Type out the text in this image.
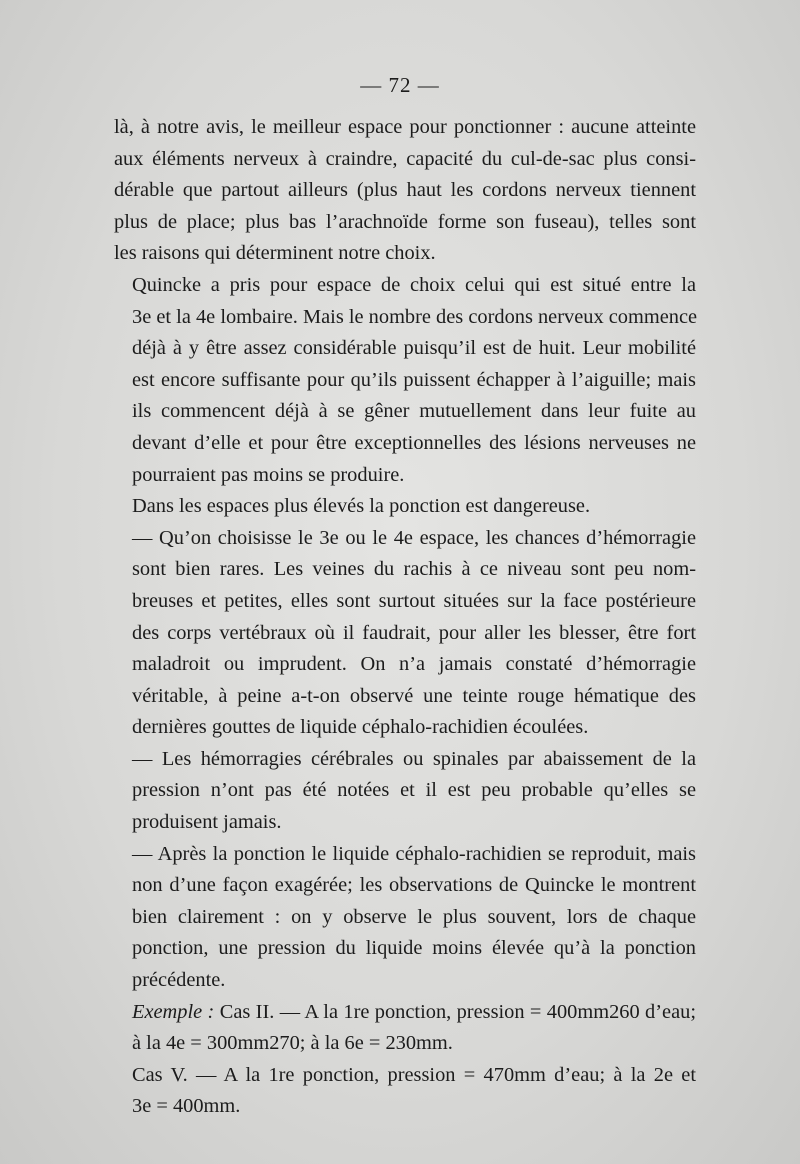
— 72 —

là, à notre avis, le meilleur espace pour ponctionner : aucune atteinte
aux éléments nerveux à craindre, capacité du cul-de-sac plus consi-
dérable que partout ailleurs (plus haut les cordons nerveux tiennent
plus de place; plus bas l’arachnoïde forme son fuseau), telles sont
les raisons qui déterminent notre choix.

Quincke a pris pour espace de choix celui qui est situé entre la
3e et la 4e lombaire. Mais le nombre des cordons nerveux commence
déjà à y être assez considérable puisqu’il est de huit. Leur mobilité
est encore suffisante pour qu’ils puissent échapper à l’aiguille; mais
ils commencent déjà à se gêner mutuellement dans leur fuite au
devant d’elle et pour être exceptionnelles des lésions nerveuses ne
pourraient pas moins se produire.

Dans les espaces plus élevés la ponction est dangereuse.

— Qu’on choisisse le 3e ou le 4e espace, les chances d’hémorragie
sont bien rares. Les veines du rachis à ce niveau sont peu nom-
breuses et petites, elles sont surtout situées sur la face postérieure
des corps vertébraux où il faudrait, pour aller les blesser, être fort
maladroit ou imprudent. On n’a jamais constaté d’hémorragie
véritable, à peine a-t-on observé une teinte rouge hématique des
dernières gouttes de liquide céphalo-rachidien écoulées.

— Les hémorragies cérébrales ou spinales par abaissement de la
pression n’ont pas été notées et il est peu probable qu’elles se
produisent jamais.

— Après la ponction le liquide céphalo-rachidien se reproduit, mais
non d’une façon exagérée; les observations de Quincke le montrent
bien clairement : on y observe le plus souvent, lors de chaque
ponction, une pression du liquide moins élevée qu’à la ponction
précédente.

Exemple : Cas II. — A la 1re ponction, pression = 400mm260 d’eau;
à la 4e = 300mm270; à la 6e = 230mm.

Cas V. — A la 1re ponction, pression = 470mm d’eau; à la 2e et
3e = 400mm.
